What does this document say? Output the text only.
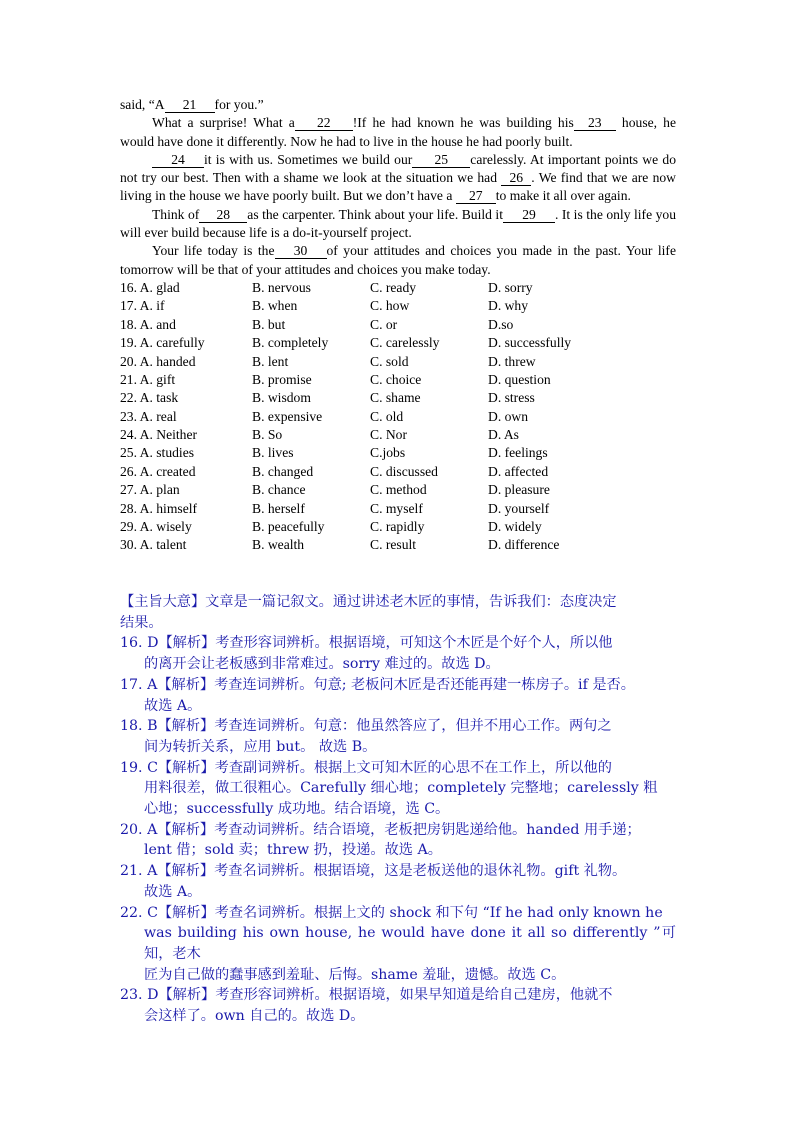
said, “A 21 for you.”

What a surprise! What a 22 !If he had known he was building his 23 house, he would have done it differently. Now he had to live in the house he had poorly built.

24 it is with us. Sometimes we build our 25 carelessly. At important points we do not try our best. Then with a shame we look at the situation we had 26 . We find that we are now living in the house we have poorly built. But we don’t have a 27 to make it all over again.

Think of 28 as the carpenter. Think about your life. Build it 29 . It is the only life you will ever build because life is a do-it-yourself project.

Your life today is the 30 of your attitudes and choices you made in the past. Your life tomorrow will be that of your attitudes and choices you make today.

16. A. glad	B. nervous	C. ready	D. sorry
17. A. if	B. when	C. how	D. why
18. A. and	B. but	C. or	D.so
19. A. carefully	B. completely	C. carelessly	D. successfully
20. A. handed	B. lent	C. sold	D. threw
21. A. gift	B. promise	C. choice	D. question
22. A. task	B. wisdom	C. shame	D. stress
23. A. real	B. expensive	C. old	D. own
24. A. Neither	B. So	C. Nor	D. As
25. A. studies	B. lives	C.jobs	D. feelings
26. A. created	B. changed	C. discussed	D. affected
27. A. plan	B. chance	C. method	D. pleasure
28. A. himself	B. herself	C. myself	D. yourself
29. A. wisely	B. peacefully	C. rapidly	D. widely
30. A. talent	B. wealth	C. result	D. difference

【主旨大意】文章是一篇记叙文。通过讲述老木匠的事情，告诉我们：态度决定
结果。

16. D【解析】考查形容词辨析。根据语境，可知这个木匠是个好个人，所以他
的离开会让老板感到非常难过。sorry 难过的。故选 D。

17. A【解析】考查连词辨析。句意; 老板问木匠是否还能再建一栋房子。if 是否。
故选 A。

18. B【解析】考查连词辨析。句意：他虽然答应了，但并不用心工作。两句之
间为转折关系，应用 but。 故选 B。

19. C【解析】考查副词辨析。根据上文可知木匠的心思不在工作上，所以他的
用料很差，做工很粗心。Carefully 细心地；completely 完整地；carelessly 粗
心地；successfully 成功地。结合语境，选 C。

20. A【解析】考查动词辨析。结合语境，老板把房钥匙递给他。handed 用手递；
lent 借；sold 卖；threw 扔，投递。故选 A。

21. A【解析】考查名词辨析。根据语境，这是老板送他的退休礼物。gift 礼物。
故选 A。

22. C【解析】考查名词辨析。根据上文的 shock 和下句 “If he had only known he
was building his own house, he would have done it all so differently ”可知，老木
匠为自己做的蠢事感到羞耻、后悔。shame 羞耻，遗憾。故选 C。

23. D【解析】考查形容词辨析。根据语境，如果早知道是给自己建房，他就不
会这样了。own 自己的。故选 D。
